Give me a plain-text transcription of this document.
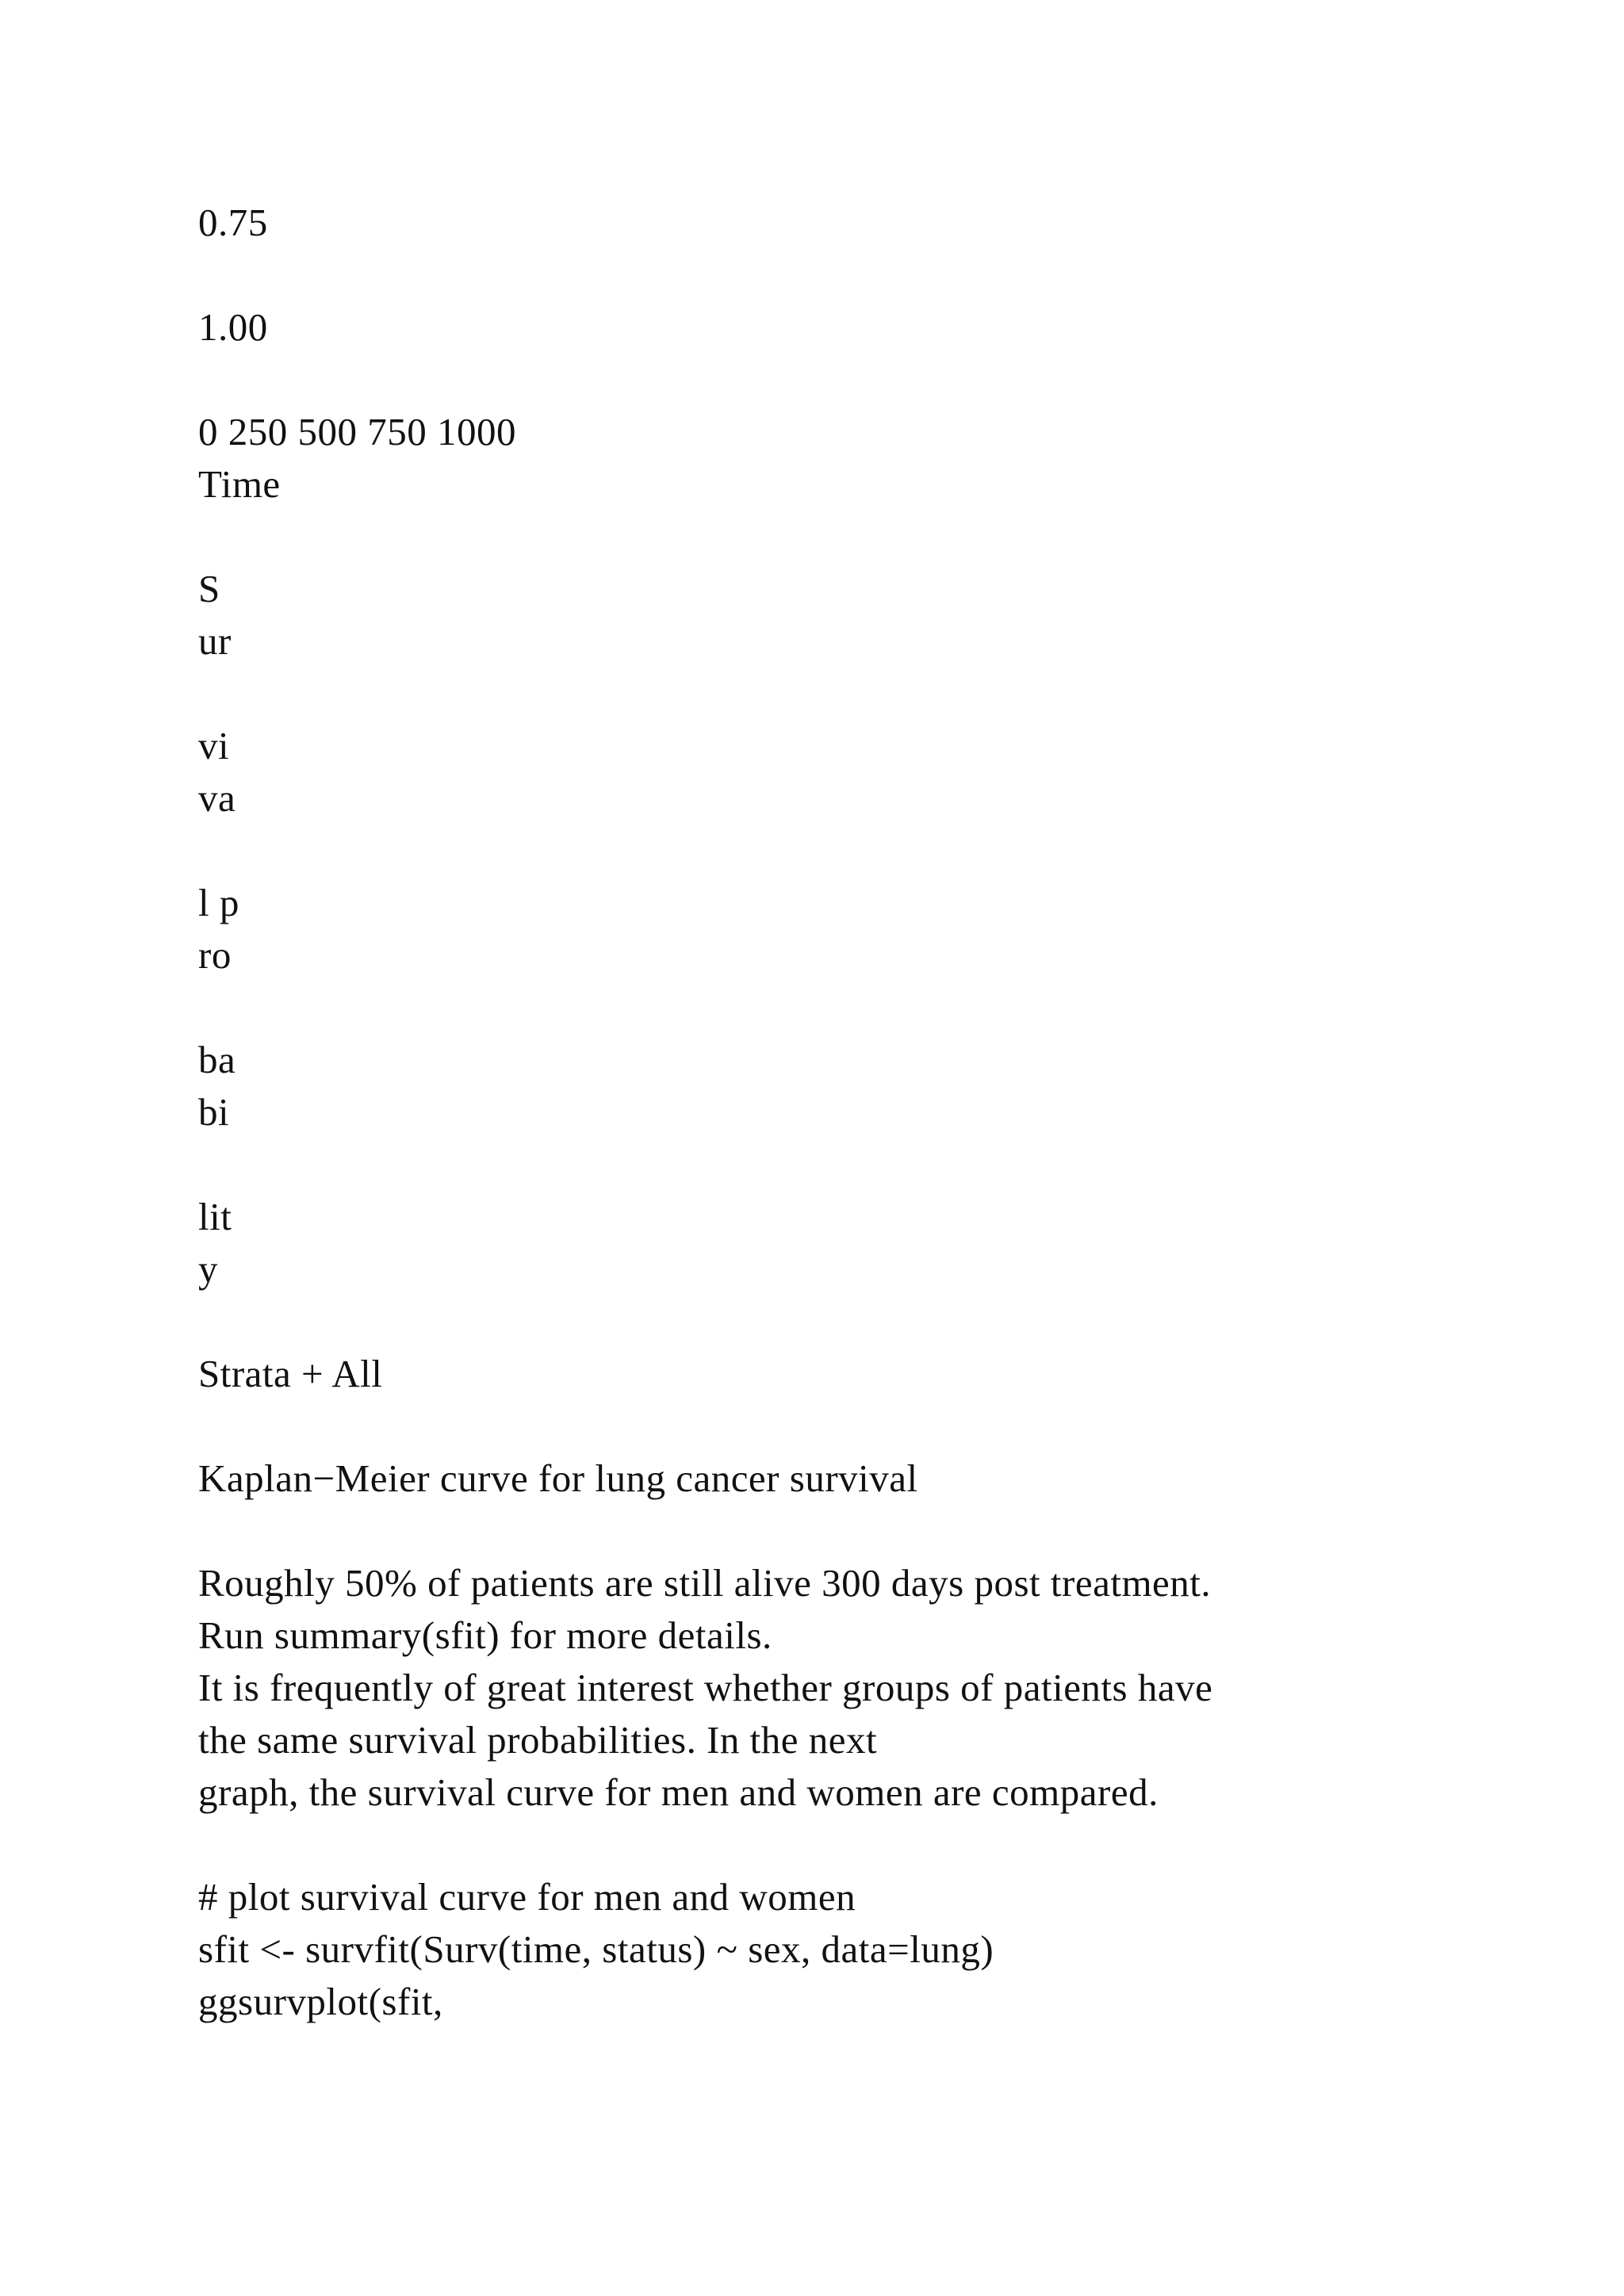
0.75
1.00
0 250 500 750 1000
Time
S
ur
vi
va
l p
ro
ba
bi
lit
y
Strata + All
Kaplan−Meier curve for lung cancer survival
Roughly 50% of patients are still alive 300 days post treatment.
Run summary(sfit) for more details.
It is frequently of great interest whether groups of patients have
the same survival probabilities. In the next
graph, the survival curve for men and women are compared.
# plot survival curve for men and women
sfit <- survfit(Surv(time, status) ~ sex, data=lung)
ggsurvplot(sfit,
